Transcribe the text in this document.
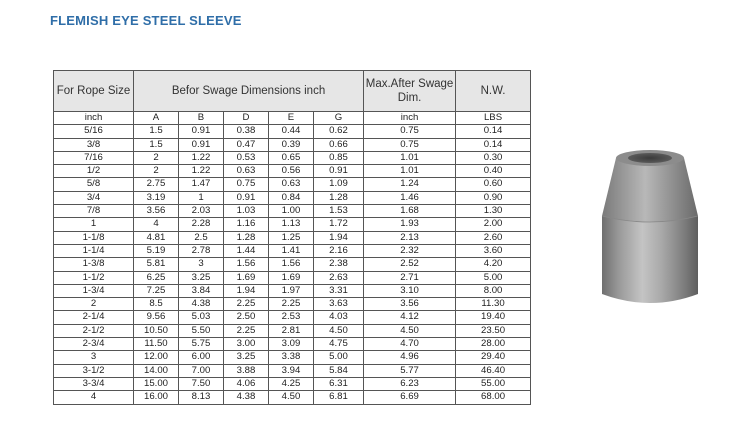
FLEMISH EYE STEEL SLEEVE
For Rope Size	Befor Swage Dimensions inch					Max.After Swage Dim.	N.W.
inch	A	B	D	E	G	inch	LBS
5/16	1.5	0.91	0.38	0.44	0.62	0.75	0.14
3/8	1.5	0.91	0.47	0.39	0.66	0.75	0.14
7/16	2	1.22	0.53	0.65	0.85	1.01	0.30
1/2	2	1.22	0.63	0.56	0.91	1.01	0.40
5/8	2.75	1.47	0.75	0.63	1.09	1.24	0.60
3/4	3.19	1	0.91	0.84	1.28	1.46	0.90
7/8	3.56	2.03	1.03	1.00	1.53	1.68	1.30
1	4	2.28	1.16	1.13	1.72	1.93	2.00
1-1/8	4.81	2.5	1.28	1.25	1.94	2.13	2.60
1-1/4	5.19	2.78	1.44	1.41	2.16	2.32	3.60
1-3/8	5.81	3	1.56	1.56	2.38	2.52	4.20
1-1/2	6.25	3.25	1.69	1.69	2.63	2.71	5.00
1-3/4	7.25	3.84	1.94	1.97	3.31	3.10	8.00
2	8.5	4.38	2.25	2.25	3.63	3.56	11.30
2-1/4	9.56	5.03	2.50	2.53	4.03	4.12	19.40
2-1/2	10.50	5.50	2.25	2.81	4.50	4.50	23.50
2-3/4	11.50	5.75	3.00	3.09	4.75	4.70	28.00
3	12.00	6.00	3.25	3.38	5.00	4.96	29.40
3-1/2	14.00	7.00	3.88	3.94	5.84	5.77	46.40
3-3/4	15.00	7.50	4.06	4.25	6.31	6.23	55.00
4	16.00	8.13	4.38	4.50	6.81	6.69	68.00
